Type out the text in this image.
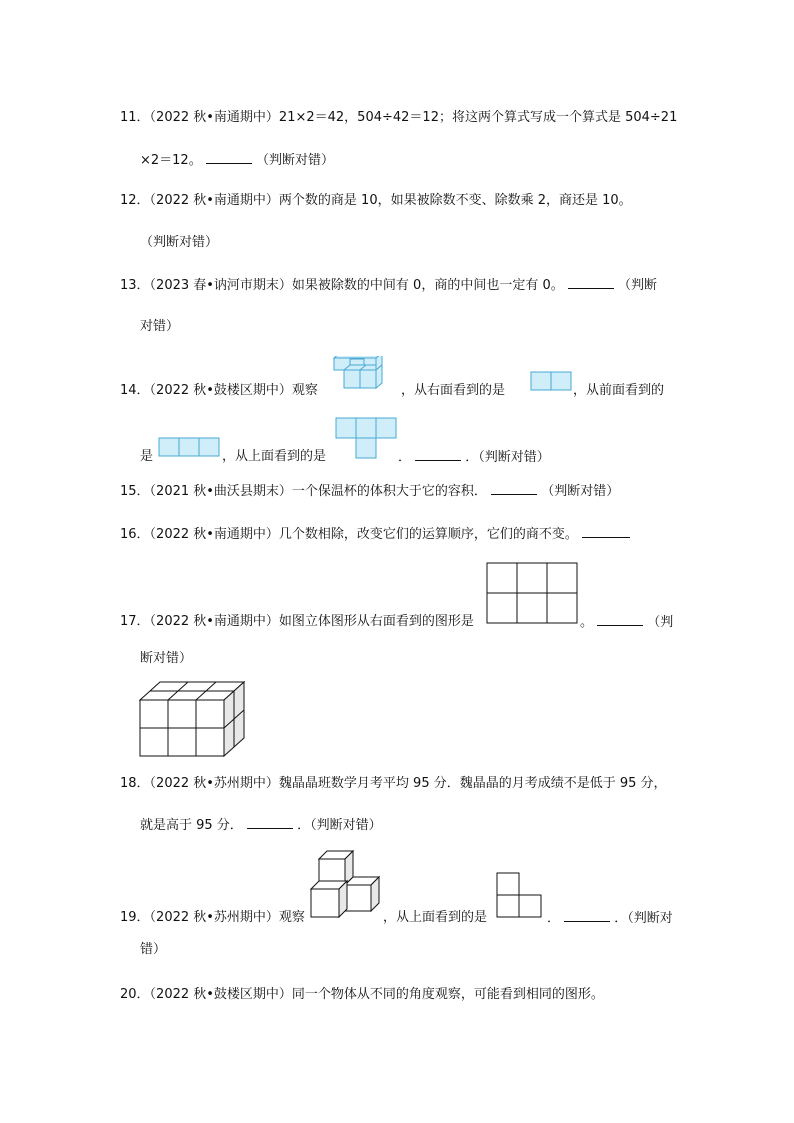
11．（2022 秋•南通期中）21×2＝42，504÷42＝12；将这两个算式写成一个算式是 504÷21
×2＝12。	（判断对错）
12．（2022 秋•南通期中）两个数的商是 10，如果被除数不变、除数乘 2，商还是 10。
（判断对错）
13．（2023 春•讷河市期末）如果被除数的中间有 0，商的中间也一定有 0。	（判断
对错）
14．（2022 秋•鼓楼区期中）观察	，从右面看到的是	，从前面看到的
是	，从上面看到的是	．	．（判断对错）
15．（2021 秋•曲沃县期末）一个保温杯的体积大于它的容积．	（判断对错）
16．（2022 秋•南通期中）几个数相除，改变它们的运算顺序，它们的商不变。
17．（2022 秋•南通期中）如图立体图形从右面看到的图形是	。	（判
断对错）
18．（2022 秋•苏州期中）魏晶晶班数学月考平均 95 分．魏晶晶的月考成绩不是低于 95 分，
就是高于 95 分．	．（判断对错）
19．（2022 秋•苏州期中）观察	，从上面看到的是	．	．（判断对
错）
20．（2022 秋•鼓楼区期中）同一个物体从不同的角度观察，可能看到相同的图形。
